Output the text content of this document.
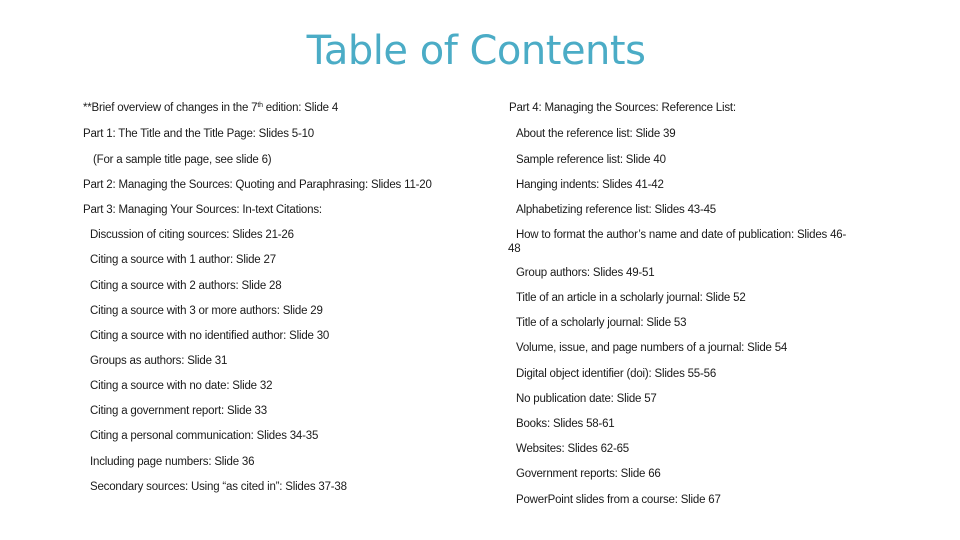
Table of Contents
**Brief overview of changes in the 7th edition: Slide 4
Part 1: The Title and the Title Page: Slides 5-10
(For a sample title page, see slide 6)
Part 2: Managing the Sources: Quoting and Paraphrasing: Slides 11-20
Part 3: Managing Your Sources: In-text Citations:
Discussion of citing sources: Slides 21-26
Citing a source with 1 author: Slide 27
Citing a source with 2 authors: Slide 28
Citing a source with 3 or more authors: Slide 29
Citing a source with no identified author: Slide 30
Groups as authors: Slide 31
Citing a source with no date: Slide 32
Citing a government report: Slide 33
Citing a personal communication: Slides 34-35
Including page numbers: Slide 36
Secondary sources: Using “as cited in”: Slides 37-38
Part 4: Managing the Sources: Reference List:
About the reference list: Slide 39
Sample reference list: Slide 40
Hanging indents: Slides 41-42
Alphabetizing reference list: Slides 43-45
How to format the author’s name and date of publication: Slides 46-48
Group authors: Slides 49-51
Title of an article in a scholarly journal: Slide 52
Title of a scholarly journal: Slide 53
Volume, issue, and page numbers of a journal: Slide 54
Digital object identifier (doi): Slides 55-56
No publication date: Slide 57
Books: Slides 58-61
Websites: Slides 62-65
Government reports: Slide 66
PowerPoint slides from a course: Slide 67
